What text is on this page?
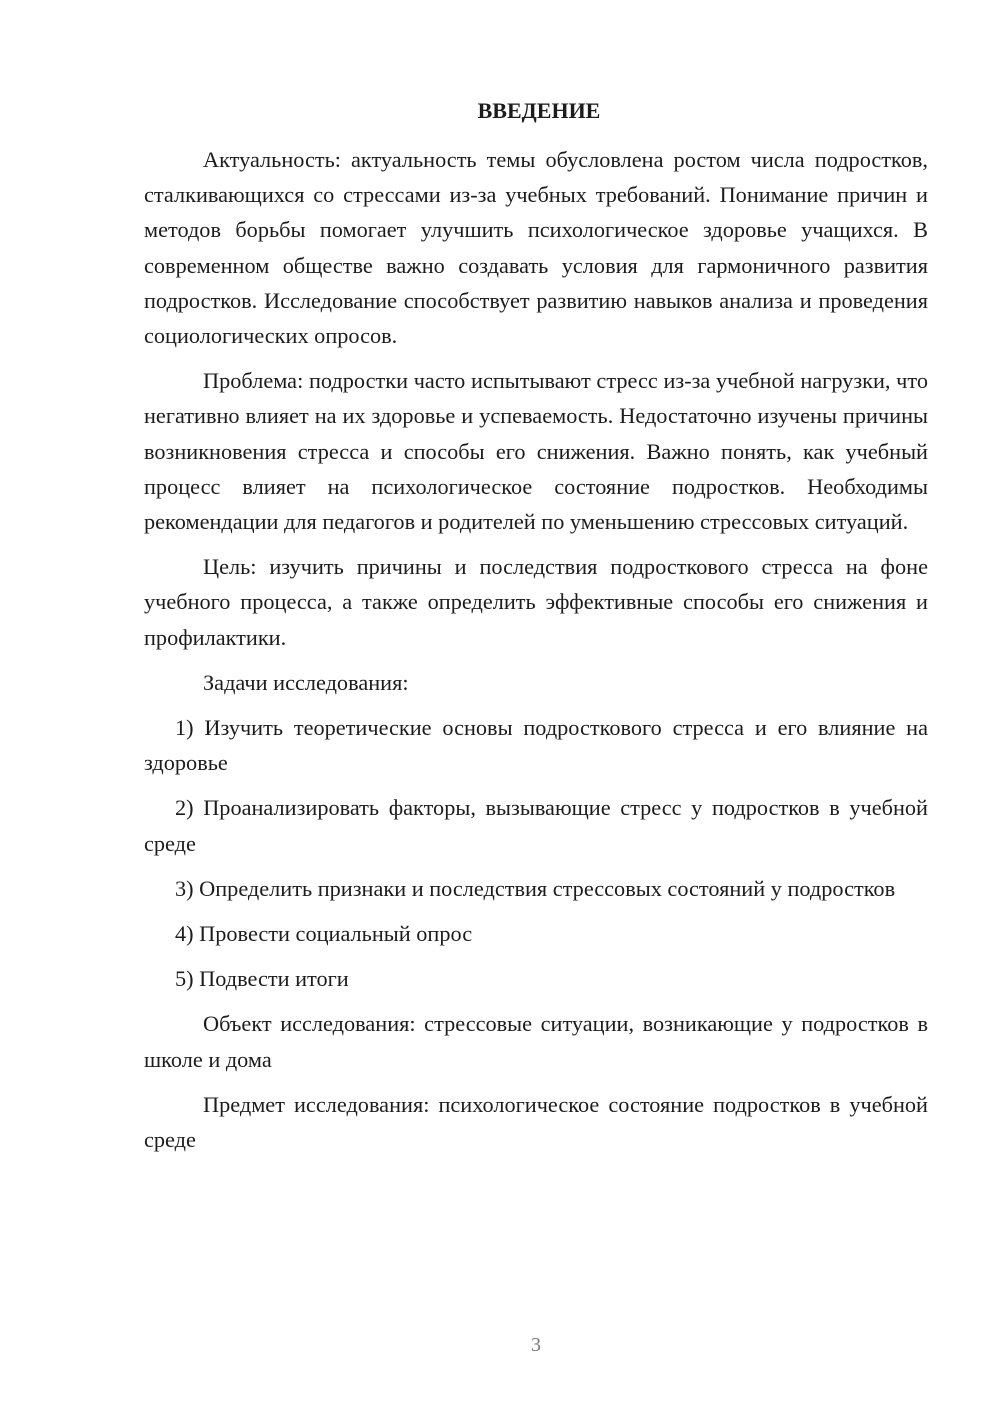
ВВЕДЕНИЕ

Актуальность: актуальность темы обусловлена ростом числа подростков, сталкивающихся со стрессами из-за учебных требований. Понимание причин и методов борьбы помогает улучшить психологическое здоровье учащихся. В современном обществе важно создавать условия для гармоничного развития подростков. Исследование способствует развитию навыков анализа и проведения социологических опросов.

Проблема: подростки часто испытывают стресс из-за учебной нагрузки, что негативно влияет на их здоровье и успеваемость. Недостаточно изучены причины возникновения стресса и способы его снижения. Важно понять, как учебный процесс влияет на психологическое состояние подростков. Необходимы рекомендации для педагогов и родителей по уменьшению стрессовых ситуаций.

Цель: изучить причины и последствия подросткового стресса на фоне учебного процесса, а также определить эффективные способы его снижения и профилактики.

Задачи исследования:

1) Изучить теоретические основы подросткового стресса и его влияние на здоровье
2) Проанализировать факторы, вызывающие стресс у подростков в учебной среде
3) Определить признаки и последствия стрессовых состояний у подростков
4) Провести социальный опрос
5) Подвести итоги

Объект исследования: стрессовые ситуации, возникающие у подростков в школе и дома

Предмет исследования: психологическое состояние подростков в учебной среде

3
